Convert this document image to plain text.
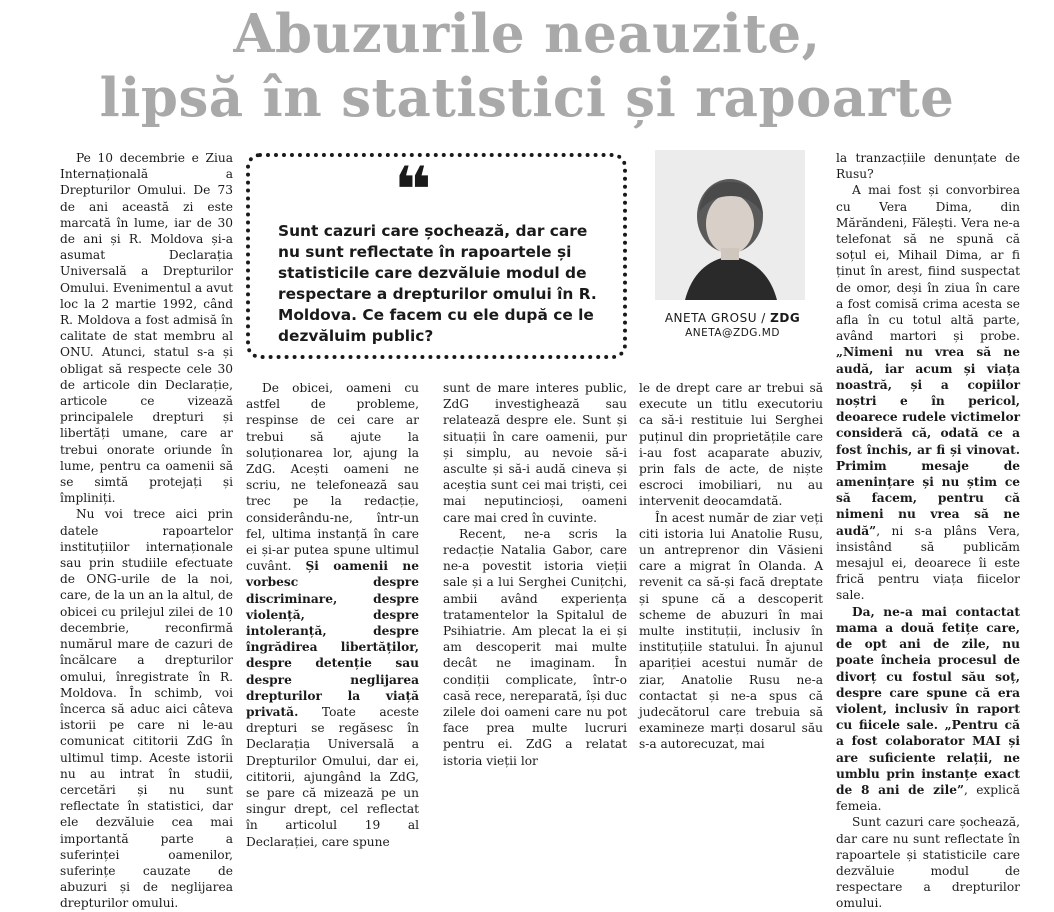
Abuzurile neauzite,
lipsă în statistici și rapoarte

Pe 10 decembrie e Ziua Internațională a Drepturilor Omului. De 73 de ani această zi este marcată în lume, iar de 30 de ani și R. Moldova și-a asumat Declarația Universală a Drepturilor Omului. Evenimentul a avut loc la 2 martie 1992, când R. Moldova a fost admisă în calitate de stat membru al ONU. Atunci, statul s-a și obligat să respecte cele 30 de articole din Declarație, articole ce vizează principalele drepturi și libertăți umane, care ar trebui onorate oriunde în lume, pentru ca oamenii să se simtă protejați și împliniți.

Nu voi trece aici prin datele rapoartelor instituțiilor internaționale sau prin studiile efectuate de ONG-urile de la noi, care, de la un an la altul, de obicei cu prilejul zilei de 10 decembrie, reconfirmă numărul mare de cazuri de încălcare a drepturilor omului, înregistrate în R. Moldova. În schimb, voi încerca să aduc aici câteva istorii pe care ni le-au comunicat cititorii ZdG în ultimul timp. Aceste istorii nu au intrat în studii, cercetări și nu sunt reflectate în statistici, dar ele dezvăluie cea mai importantă parte a suferinței oamenilor, suferințe cauzate de abuzuri și de neglijarea drepturilor omului.

❝
Sunt cazuri care șochează, dar care nu sunt reflectate în rapoartele și statisticile care dezvăluie modul de respectare a drepturilor omului în R. Moldova. Ce facem cu ele după ce le dezvăluim public?
ANETA GROSU / ZDG
ANETA@ZDG.MD

De obicei, oameni cu astfel de probleme, respinse de cei care ar trebui să ajute la soluționarea lor, ajung la ZdG. Acești oameni ne scriu, ne telefonează sau trec pe la redacție, considerându-ne, într-un fel, ultima instanță în care ei și-ar putea spune ultimul cuvânt. Și oamenii ne vorbesc despre discriminare, despre violență, despre intoleranță, despre îngrădirea libertăților, despre detenție sau despre neglijarea drepturilor la viață privată. Toate aceste drepturi se regăsesc în Declarația Universală a Drepturilor Omului, dar ei, cititorii, ajungând la ZdG, se pare că mizează pe un singur drept, cel reflectat în articolul 19 al Declarației, care spune

sunt de mare interes public, ZdG investighează sau relatează despre ele. Sunt și situații în care oamenii, pur și simplu, au nevoie să-i asculte și să-i audă cineva și aceștia sunt cei mai triști, cei mai neputincioși, oameni care mai cred în cuvinte.

Recent, ne-a scris la redacție Natalia Gabor, care ne-a povestit istoria vieții sale și a lui Serghei Cunițchi, ambii având experiența tratamentelor la Spitalul de Psihiatrie. Am plecat la ei și am descoperit mai multe decât ne imaginam. În condiții complicate, într-o casă rece, nereparată, își duc zilele doi oameni care nu pot face prea multe lucruri pentru ei. ZdG a relatat istoria vieții lor

le de drept care ar trebui să execute un titlu executoriu ca să-i restituie lui Serghei puținul din proprietățile care i-au fost acaparate abuziv, prin fals de acte, de niște escroci imobiliari, nu au intervenit deocamdată.

În acest număr de ziar veți citi istoria lui Anatolie Rusu, un antreprenor din Văsieni care a migrat în Olanda. A revenit ca să-și facă dreptate și spune că a descoperit scheme de abuzuri în mai multe instituții, inclusiv în instituțiile statului. În ajunul apariției acestui număr de ziar, Anatolie Rusu ne-a contactat și ne-a spus că judecătorul care trebuia să examineze marți dosarul său s-a autorecuzat, mai

la tranzacțiile denunțate de Rusu?

A mai fost și convorbirea cu Vera Dima, din Mărăndeni, Fălești. Vera ne-a telefonat să ne spună că soțul ei, Mihail Dima, ar fi ținut în arest, fiind suspectat de omor, deși în ziua în care a fost comisă crima acesta se afla în cu totul altă parte, având martori și probe. „Nimeni nu vrea să ne audă, iar acum și viața noastră, și a copiilor noștri e în pericol, deoarece rudele victimelor consideră că, odată ce a fost închis, ar fi și vinovat. Primim mesaje de amenințare și nu știm ce să facem, pentru că nimeni nu vrea să ne audă”, ni s-a plâns Vera, insistând să publicăm mesajul ei, deoarece îi este frică pentru viața fiicelor sale.

Da, ne-a mai contactat mama a două fetițe care, de opt ani de zile, nu poate încheia procesul de divorț cu fostul său soț, despre care spune că era violent, inclusiv în raport cu fiicele sale. „Pentru că a fost colaborator MAI și are suficiente relații, ne umblu prin instanțe exact de 8 ani de zile”, explică femeia.

Sunt cazuri care șochează, dar care nu sunt reflectate în rapoartele și statisticile care dezvăluie modul de respectare a drepturilor omului.
